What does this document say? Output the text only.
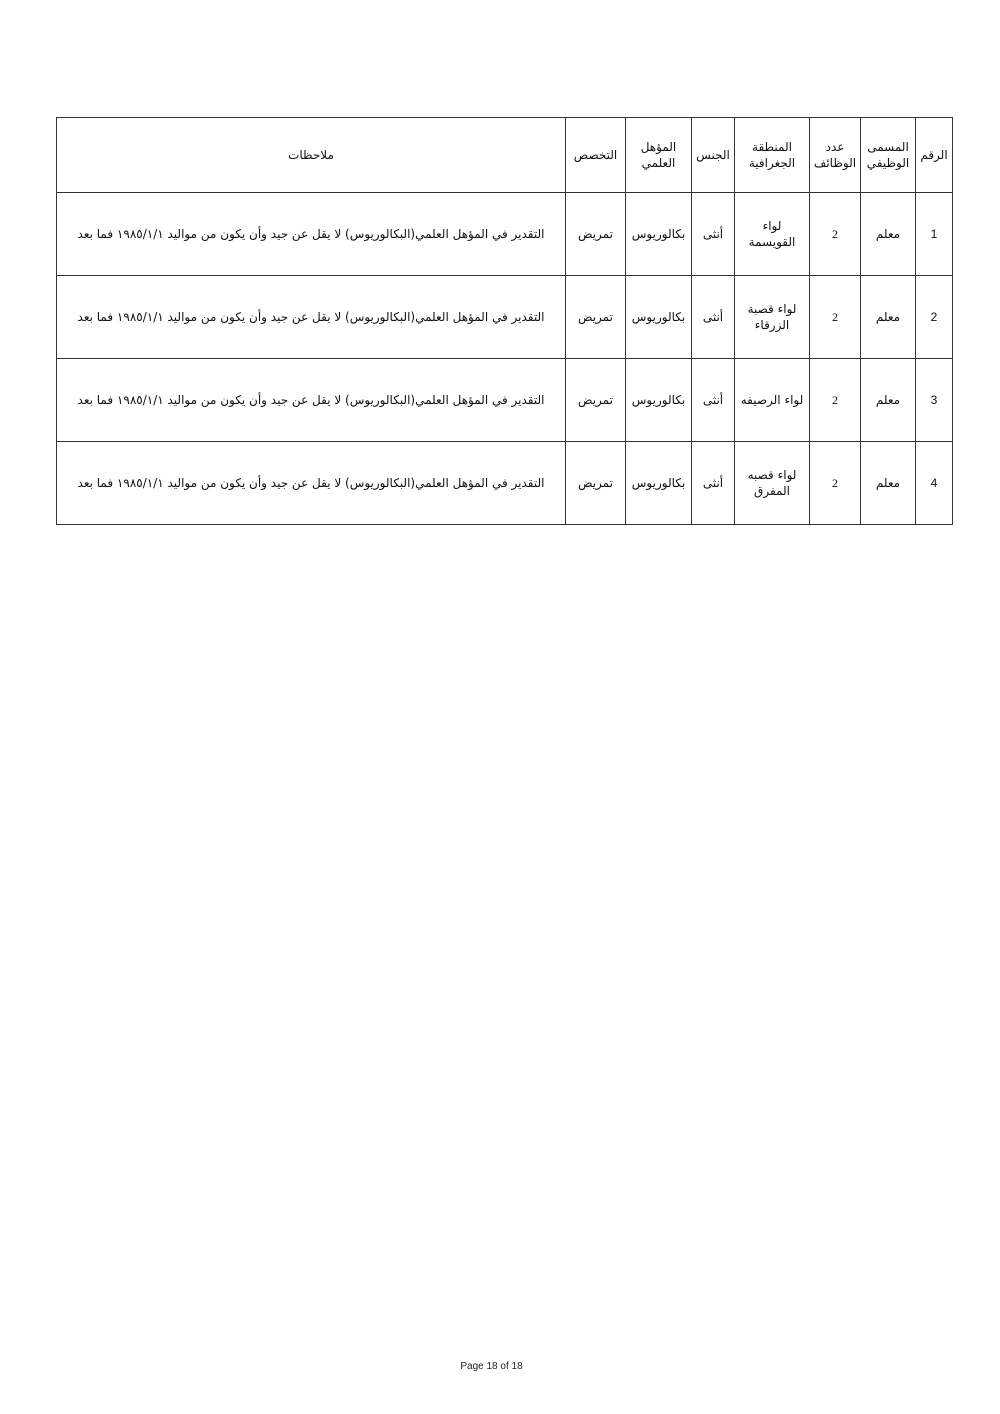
الرقم	المسمى الوظيفي	عدد الوظائف	المنطقة الجغرافية	الجنس	المؤهل العلمي	التخصص	ملاحظات
1	معلم	2	لواء القويسمة	أنثى	بكالوريوس	تمريض	التقدير في المؤهل العلمي(البكالوريوس) لا يقل عن جيد وأن يكون من مواليد ١٩٨٥/١/١ فما بعد
2	معلم	2	لواء قصبة الزرقاء	أنثى	بكالوريوس	تمريض	التقدير في المؤهل العلمي(البكالوريوس) لا يقل عن جيد وأن يكون من مواليد ١٩٨٥/١/١ فما بعد
3	معلم	2	لواء الرصيفه	أنثى	بكالوريوس	تمريض	التقدير في المؤهل العلمي(البكالوريوس) لا يقل عن جيد وأن يكون من مواليد ١٩٨٥/١/١ فما بعد
4	معلم	2	لواء قصبه المفرق	أنثى	بكالوريوس	تمريض	التقدير في المؤهل العلمي(البكالوريوس) لا يقل عن جيد وأن يكون من مواليد ١٩٨٥/١/١ فما بعد
Page 18 of 18
